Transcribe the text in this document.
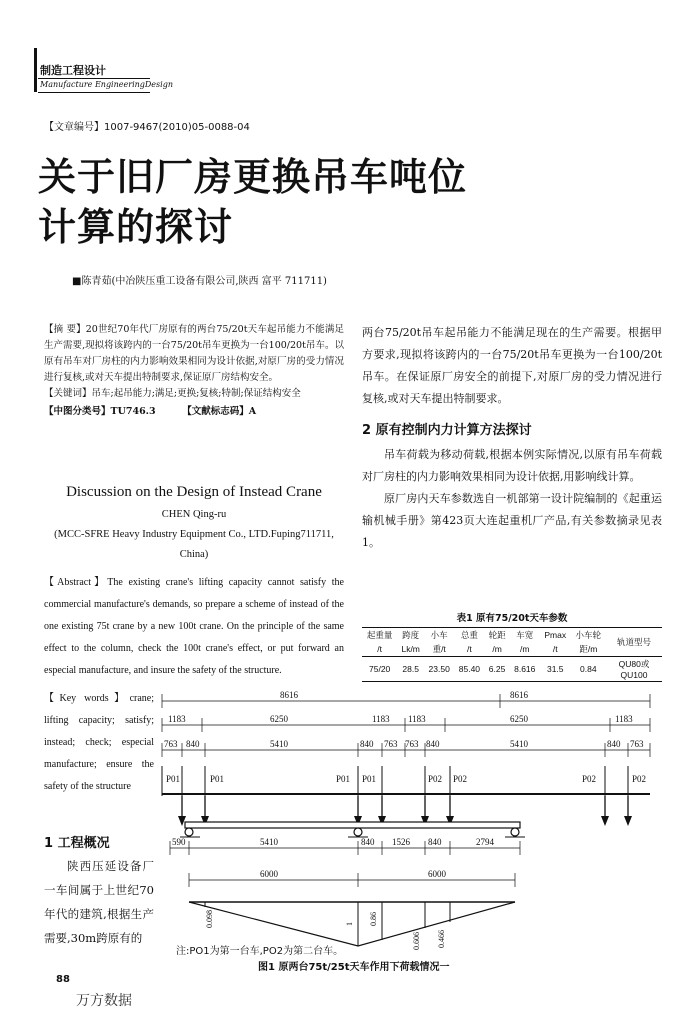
制造工程设计
Manufacture EngineeringDesign
【文章编号】1007-9467(2010)05-0088-04
关于旧厂房更换吊车吨位
计算的探讨
■陈青茹(中冶陕压重工设备有限公司,陕西 富平 711711)

【摘 要】20世纪70年代厂房原有的两台75/20t天车起吊能力不能满足生产需要,现拟将该跨内的一台75/20t吊车更换为一台100/20t吊车。以原有吊车对厂房柱的内力影响效果相同为设计依据,对原厂房的受力情况进行复核,或对天车提出特制要求,保证原厂房结构安全。

【关键词】吊车;起吊能力;满足;更换;复核;特制;保证结构安全

【中图分类号】TU746.3	【文献标志码】A

Discussion on the Design of Instead Crane
CHEN Qing-ru
(MCC-SFRE Heavy Industry Equipment Co., LTD.Fuping711711,
China)
【Abstract】The existing crane's lifting capacity cannot satisfy the commercial manufacture's demands, so prepare a scheme of instead of the one existing 75t crane by a new 100t crane. On the principle of the same effect to the column, check the 100t crane's effect, or put forward an especial manufacture, and insure the safety of the structure.
【Key words】crane; lifting capacity; satisfy; instead; check; especial manufacture; ensure the safety of the structure
1 工程概况

陕西压延设备厂一车间属于上世纪70年代的建筑,根据生产需要,30m跨原有的

两台75/20t吊车起吊能力不能满足现在的生产需要。根据甲方要求,现拟将该跨内的一台75/20t吊车更换为一台100/20t吊车。在保证原厂房安全的前提下,对原厂房的受力情况进行复核,或对天车提出特制要求。

2 原有控制内力计算方法探讨

吊车荷载为移动荷载,根据本例实际情况,以原有吊车荷载对厂房柱的内力影响效果相同为设计依据,用影响线计算。

原厂房内天车参数选自一机部第一设计院编制的《起重运输机械手册》第423页大连起重机厂产品,有关参数摘录见表1。

表1 原有75/20t天车参数
起重量	跨度	小车	总重	轮距	车宽	Pmax	小车轮	轨道型号
/t	Lk/m	重/t	/t	/m	/m	/t	距/m	
75/20	28.5	23.50	85.40	6.25	8.616	31.5	0.84	QU80或QU100
8616	8616
1183	1183 1183	1183
6250	6250
763 840	840 763 763 840	840 763
5410	5410
P01	P01	P01 P01	P02 P02	P02	P02
590	5410	840 1526 840	2794
6000	6000
0.098	1 0.86
0.606 0.466
注:PO1为第一台车,PO2为第二台车。
图1 原两台75t/25t天车作用下荷载情况一
88
万方数据
